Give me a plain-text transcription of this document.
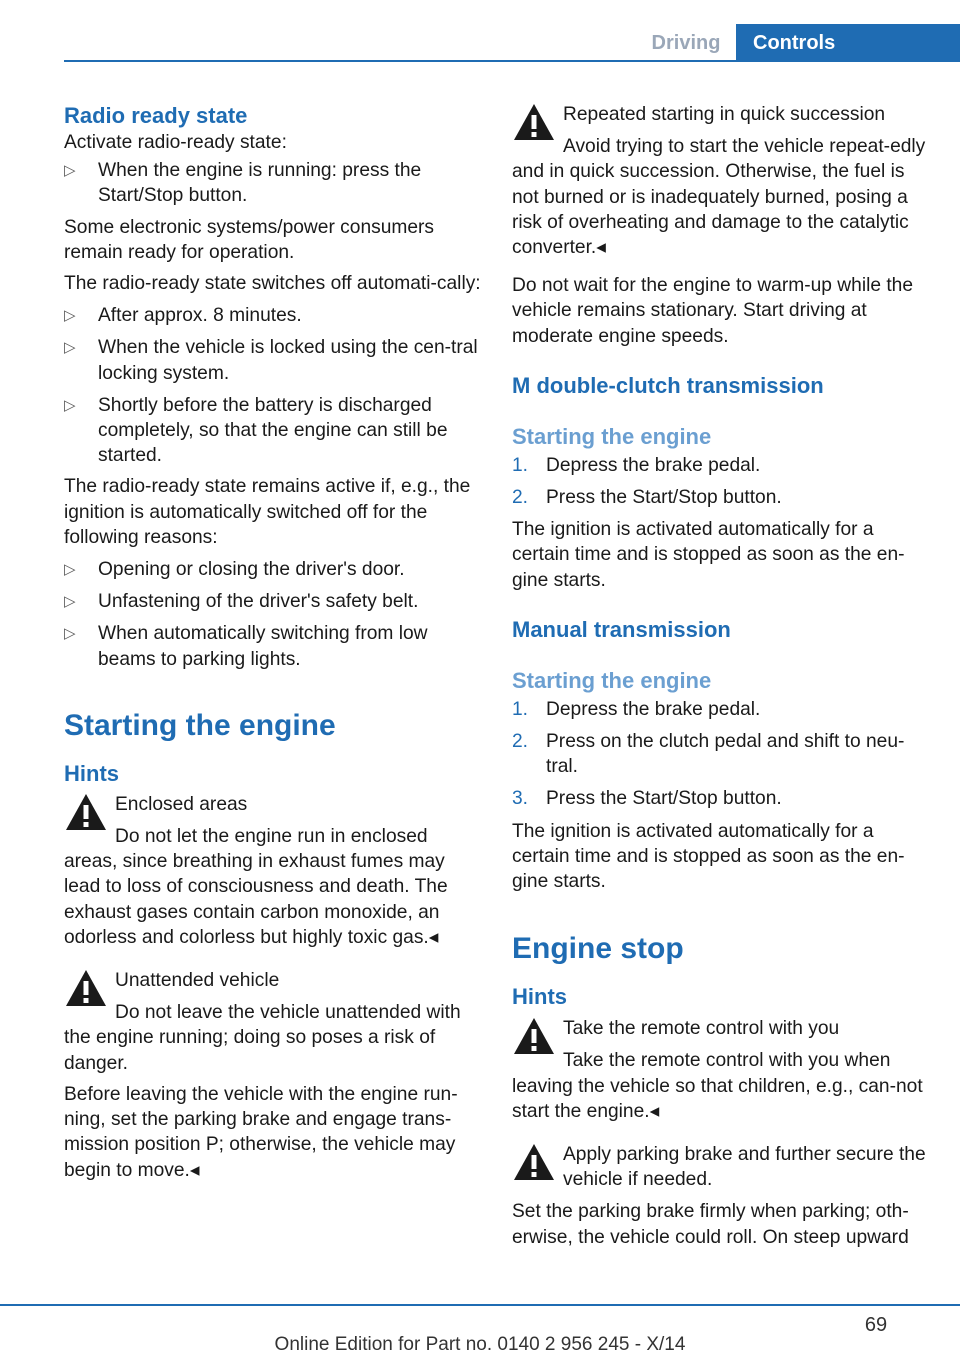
Driving	Controls
Radio ready state

Activate radio-ready state:

▷ When the engine is running: press the Start/Stop button.

Some electronic systems/power consumers remain ready for operation.

The radio-ready state switches off automati-cally:

▷ After approx. 8 minutes.
▷ When the vehicle is locked using the cen-tral locking system.
▷ Shortly before the battery is discharged completely, so that the engine can still be started.

The radio-ready state remains active if, e.g., the ignition is automatically switched off for the following reasons:

▷ Opening or closing the driver's door.
▷ Unfastening of the driver's safety belt.
▷ When automatically switching from low beams to parking lights.
Starting the engine
Hints

Enclosed areas

Do not let the engine run in enclosed areas, since breathing in exhaust fumes may lead to loss of consciousness and death. The exhaust gases contain carbon monoxide, an odorless and colorless but highly toxic gas.◂

Unattended vehicle

Do not leave the vehicle unattended with the engine running; doing so poses a risk of danger.

Before leaving the vehicle with the engine run-ning, set the parking brake and engage trans-mission position P; otherwise, the vehicle may begin to move.◂

Repeated starting in quick succession

Avoid trying to start the vehicle repeat-edly and in quick succession. Otherwise, the fuel is not burned or is inadequately burned, posing a risk of overheating and damage to the catalytic converter.◂

Do not wait for the engine to warm-up while the vehicle remains stationary. Start driving at moderate engine speeds.

M double-clutch transmission
Starting the engine
1. Depress the brake pedal.
2. Press the Start/Stop button.

The ignition is activated automatically for a certain time and is stopped as soon as the en-gine starts.

Manual transmission
Starting the engine
1. Depress the brake pedal.
2. Press on the clutch pedal and shift to neu-tral.
3. Press the Start/Stop button.

The ignition is activated automatically for a certain time and is stopped as soon as the en-gine starts.

Engine stop
Hints

Take the remote control with you

Take the remote control with you when leaving the vehicle so that children, e.g., can-not start the engine.◂

Apply parking brake and further secure the vehicle if needed.

Set the parking brake firmly when parking; oth-erwise, the vehicle could roll. On steep upward

69
Online Edition for Part no. 0140 2 956 245 - X/14
